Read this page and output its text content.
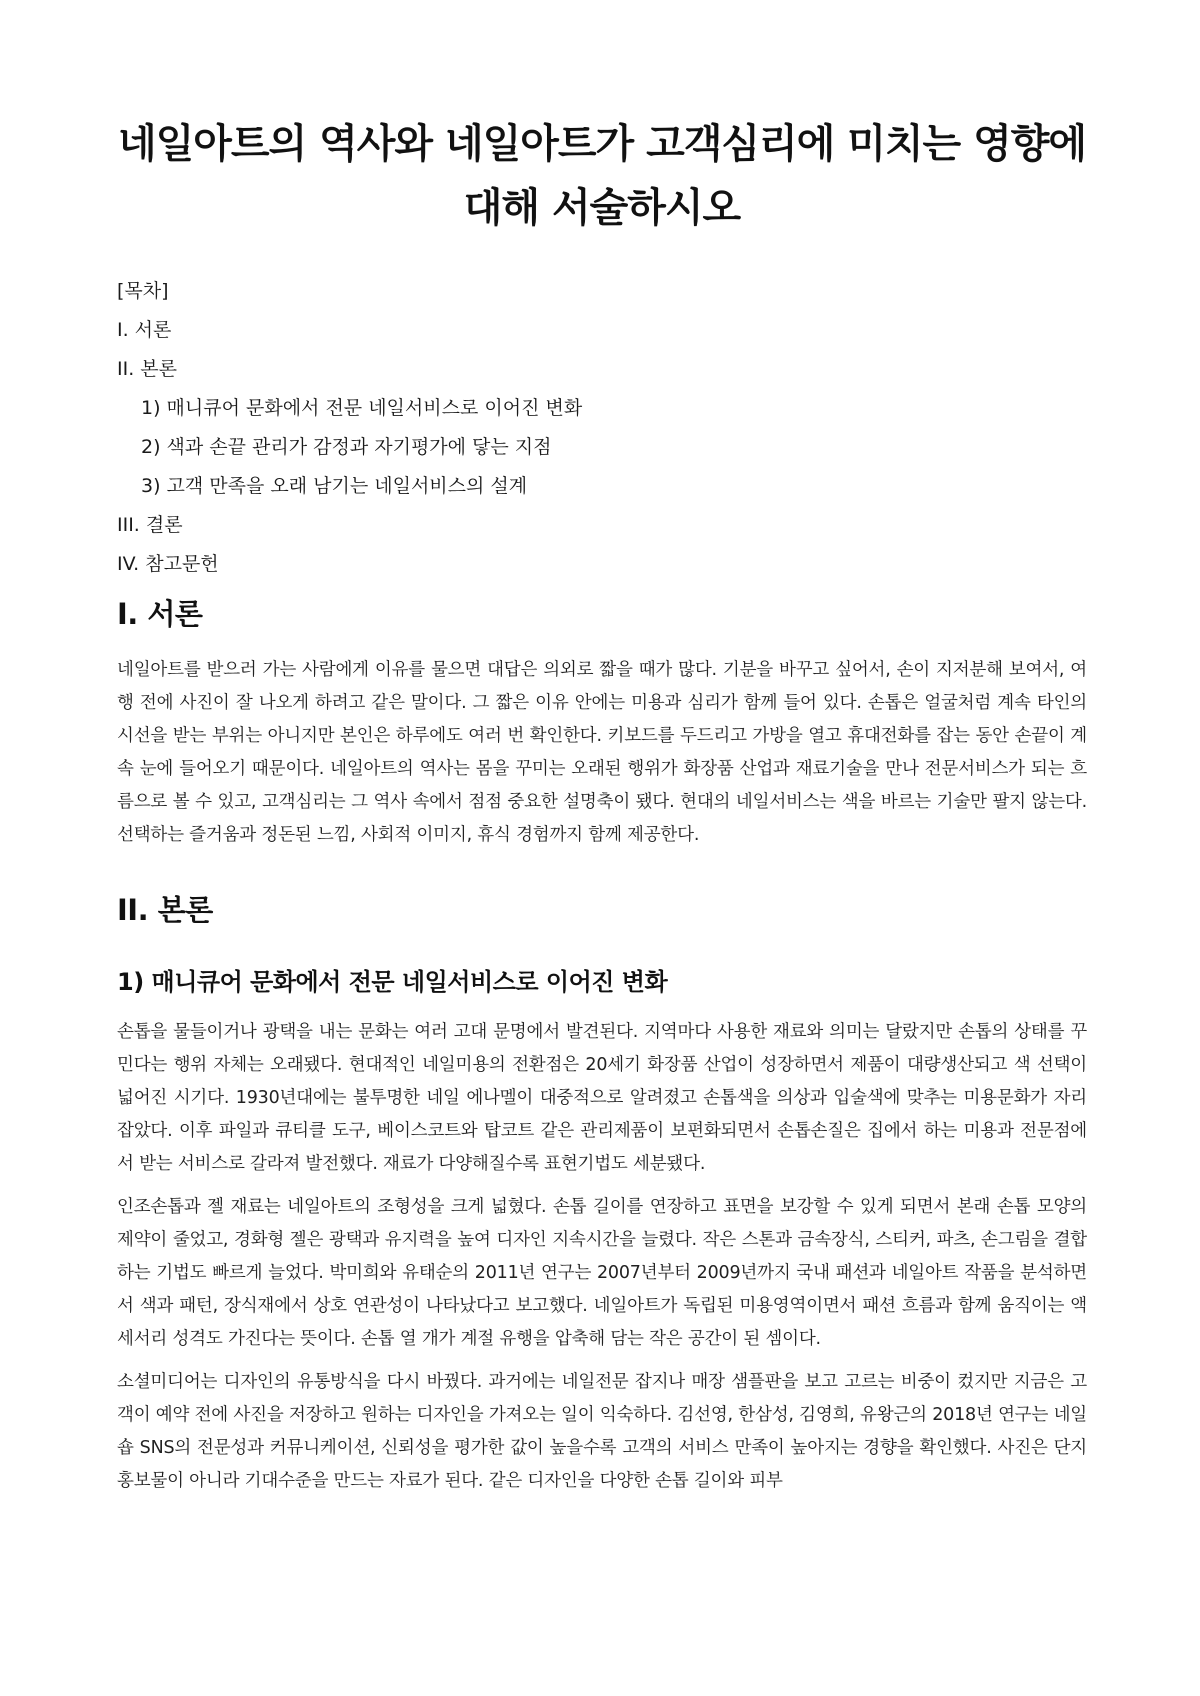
네일아트의 역사와 네일아트가 고객심리에 미치는 영향에 대해 서술하시오
[목차]
I. 서론
II. 본론
1) 매니큐어 문화에서 전문 네일서비스로 이어진 변화
2) 색과 손끝 관리가 감정과 자기평가에 닿는 지점
3) 고객 만족을 오래 남기는 네일서비스의 설계
III. 결론
IV. 참고문헌
I. 서론

네일아트를 받으러 가는 사람에게 이유를 물으면 대답은 의외로 짧을 때가 많다. 기분을 바꾸고 싶어서, 손이 지저분해 보여서, 여행 전에 사진이 잘 나오게 하려고 같은 말이다. 그 짧은 이유 안에는 미용과 심리가 함께 들어 있다. 손톱은 얼굴처럼 계속 타인의 시선을 받는 부위는 아니지만 본인은 하루에도 여러 번 확인한다. 키보드를 두드리고 가방을 열고 휴대전화를 잡는 동안 손끝이 계속 눈에 들어오기 때문이다. 네일아트의 역사는 몸을 꾸미는 오래된 행위가 화장품 산업과 재료기술을 만나 전문서비스가 되는 흐름으로 볼 수 있고, 고객심리는 그 역사 속에서 점점 중요한 설명축이 됐다. 현대의 네일서비스는 색을 바르는 기술만 팔지 않는다. 선택하는 즐거움과 정돈된 느낌, 사회적 이미지, 휴식 경험까지 함께 제공한다.

II. 본론
1) 매니큐어 문화에서 전문 네일서비스로 이어진 변화

손톱을 물들이거나 광택을 내는 문화는 여러 고대 문명에서 발견된다. 지역마다 사용한 재료와 의미는 달랐지만 손톱의 상태를 꾸민다는 행위 자체는 오래됐다. 현대적인 네일미용의 전환점은 20세기 화장품 산업이 성장하면서 제품이 대량생산되고 색 선택이 넓어진 시기다. 1930년대에는 불투명한 네일 에나멜이 대중적으로 알려졌고 손톱색을 의상과 입술색에 맞추는 미용문화가 자리 잡았다. 이후 파일과 큐티클 도구, 베이스코트와 탑코트 같은 관리제품이 보편화되면서 손톱손질은 집에서 하는 미용과 전문점에서 받는 서비스로 갈라져 발전했다. 재료가 다양해질수록 표현기법도 세분됐다.

인조손톱과 젤 재료는 네일아트의 조형성을 크게 넓혔다. 손톱 길이를 연장하고 표면을 보강할 수 있게 되면서 본래 손톱 모양의 제약이 줄었고, 경화형 젤은 광택과 유지력을 높여 디자인 지속시간을 늘렸다. 작은 스톤과 금속장식, 스티커, 파츠, 손그림을 결합하는 기법도 빠르게 늘었다. 박미희와 유태순의 2011년 연구는 2007년부터 2009년까지 국내 패션과 네일아트 작품을 분석하면서 색과 패턴, 장식재에서 상호 연관성이 나타났다고 보고했다. 네일아트가 독립된 미용영역이면서 패션 흐름과 함께 움직이는 액세서리 성격도 가진다는 뜻이다. 손톱 열 개가 계절 유행을 압축해 담는 작은 공간이 된 셈이다.

소셜미디어는 디자인의 유통방식을 다시 바꿨다. 과거에는 네일전문 잡지나 매장 샘플판을 보고 고르는 비중이 컸지만 지금은 고객이 예약 전에 사진을 저장하고 원하는 디자인을 가져오는 일이 익숙하다. 김선영, 한삼성, 김영희, 유왕근의 2018년 연구는 네일숍 SNS의 전문성과 커뮤니케이션, 신뢰성을 평가한 값이 높을수록 고객의 서비스 만족이 높아지는 경향을 확인했다. 사진은 단지 홍보물이 아니라 기대수준을 만드는 자료가 된다. 같은 디자인을 다양한 손톱 길이와 피부
